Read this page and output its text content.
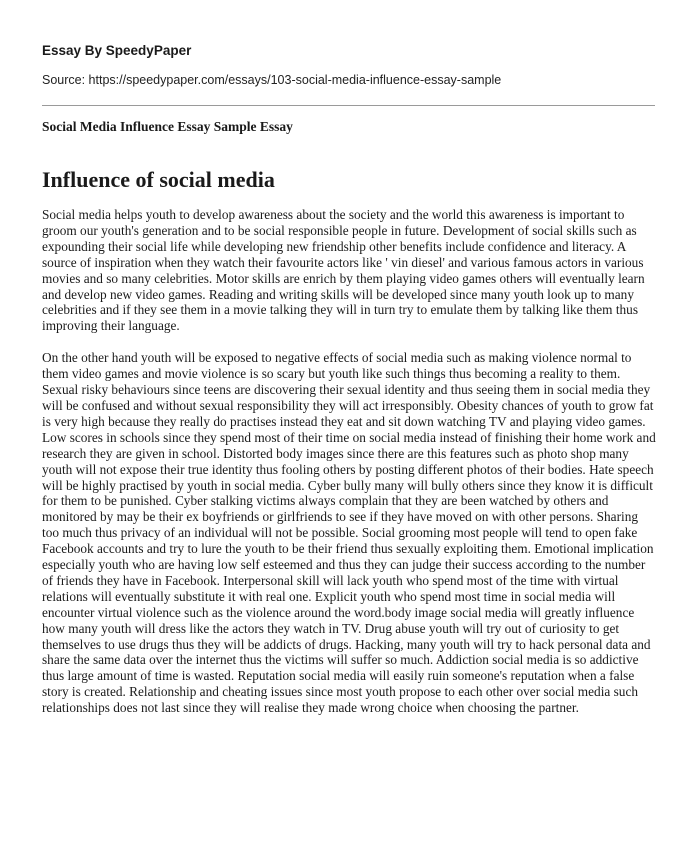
Essay By SpeedyPaper
Source: https://speedypaper.com/essays/103-social-media-influence-essay-sample
Social Media Influence Essay Sample Essay
Influence of social media

Social media helps youth to develop awareness about the society and the world this awareness is important to groom our youth's generation and to be social responsible people in future. Development of social skills such as expounding their social life while developing new friendship other benefits include confidence and literacy. A source of inspiration when they watch their favourite actors like ' vin diesel' and various famous actors in various movies and so many celebrities. Motor skills are enrich by them playing video games others will eventually learn and develop new video games. Reading and writing skills will be developed since many youth look up to many celebrities and if they see them in a movie talking they will in turn try to emulate them by talking like them thus improving their language.

On the other hand youth will be exposed to negative effects of social media such as making violence normal to them video games and movie violence is so scary but youth like such things thus becoming a reality to them. Sexual risky behaviours since teens are discovering their sexual identity and thus seeing them in social media they will be confused and without sexual responsibility they will act irresponsibly. Obesity chances of youth to grow fat is very high because they really do practises instead they eat and sit down watching TV and playing video games. Low scores in schools since they spend most of their time on social media instead of finishing their home work and research they are given in school. Distorted body images since there are this features such as photo shop many youth will not expose their true identity thus fooling others by posting different photos of their bodies. Hate speech will be highly practised by youth in social media. Cyber bully many will bully others since they know it is difficult for them to be punished. Cyber stalking victims always complain that they are been watched by others and monitored by may be their ex boyfriends or girlfriends to see if they have moved on with other persons. Sharing too much thus privacy of an individual will not be possible. Social grooming most people will tend to open fake Facebook accounts and try to lure the youth to be their friend thus sexually exploiting them. Emotional implication especially youth who are having low self esteemed and thus they can judge their success according to the number of friends they have in Facebook. Interpersonal skill will lack youth who spend most of the time with virtual relations will eventually substitute it with real one. Explicit youth who spend most time in social media will encounter virtual violence such as the violence around the word.body image social media will greatly influence how many youth will dress like the actors they watch in TV. Drug abuse youth will try out of curiosity to get themselves to use drugs thus they will be addicts of drugs. Hacking, many youth will try to hack personal data and share the same data over the internet thus the victims will suffer so much. Addiction social media is so addictive thus large amount of time is wasted. Reputation social media will easily ruin someone's reputation when a false story is created. Relationship and cheating issues since most youth propose to each other over social media such relationships does not last since they will realise they made wrong choice when choosing the partner.
